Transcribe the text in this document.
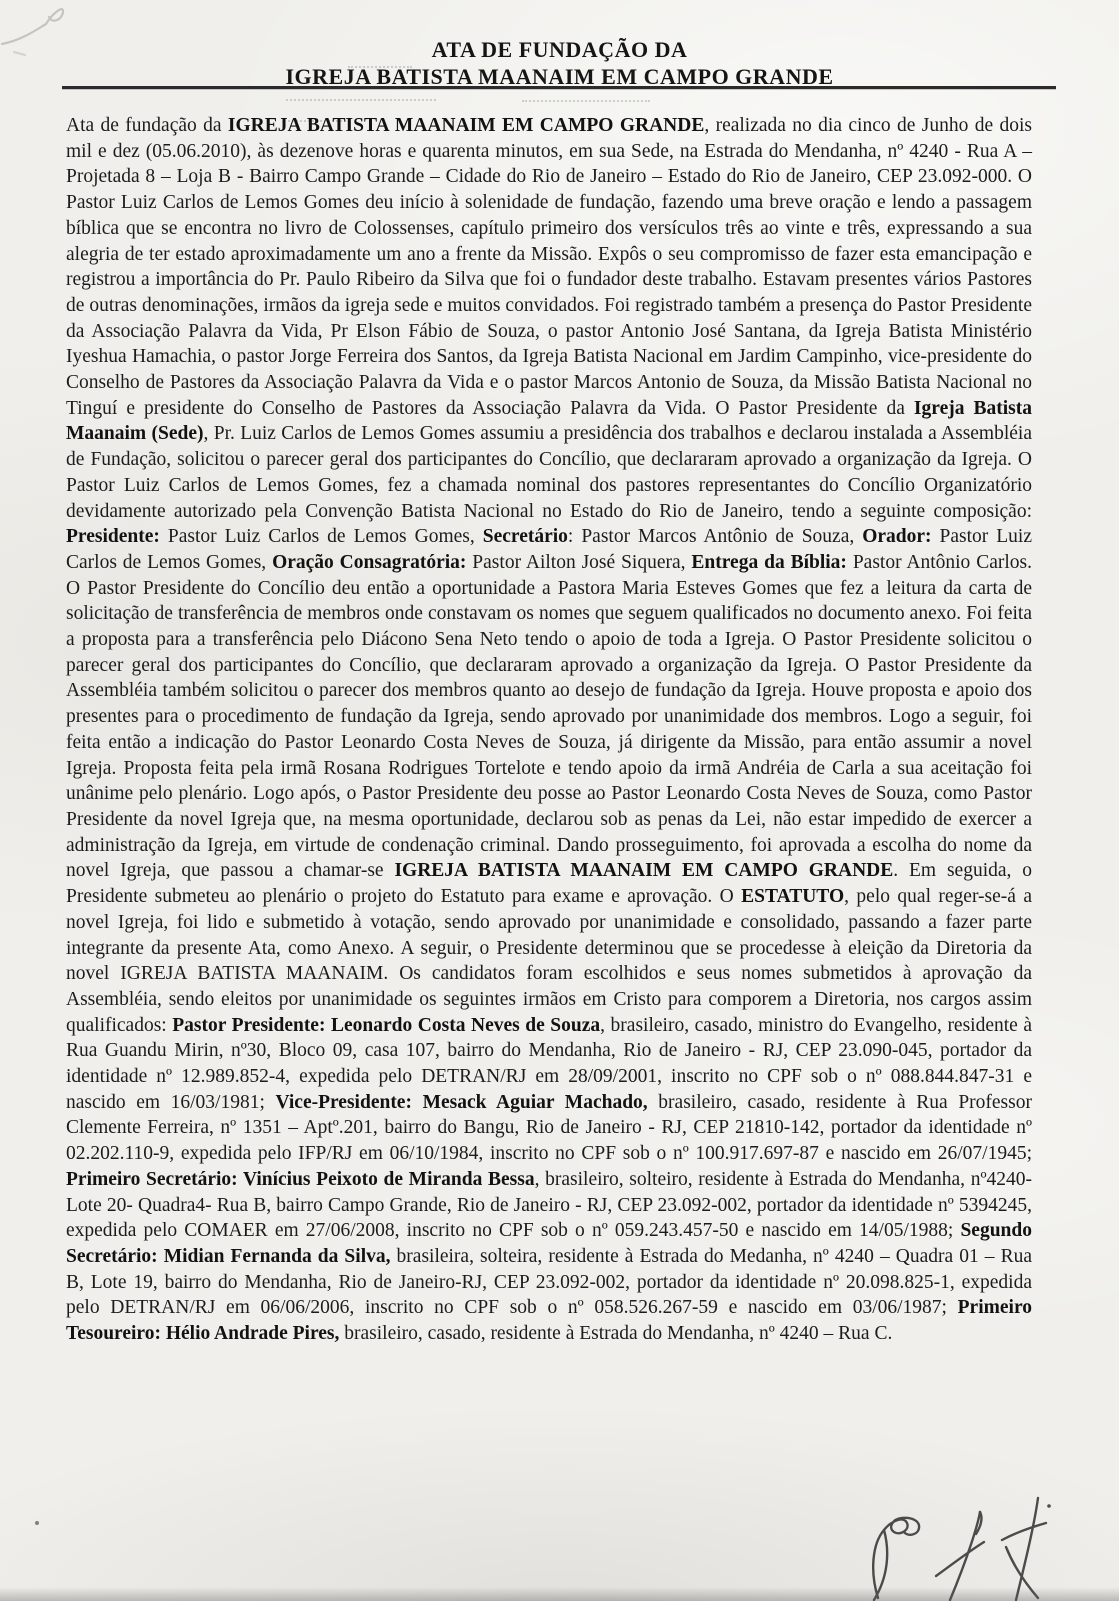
ATA DE FUNDAÇÃO DA
IGREJA BATISTA MAANAIM EM CAMPO GRANDE
Ata de fundação da IGREJA BATISTA MAANAIM EM CAMPO GRANDE, realizada no dia cinco de Junho de dois mil e dez (05.06.2010), às dezenove horas e quarenta minutos, em sua Sede, na Estrada do Mendanha, nº 4240 - Rua A – Projetada 8 – Loja B - Bairro Campo Grande – Cidade do Rio de Janeiro – Estado do Rio de Janeiro, CEP 23.092-000. O Pastor Luiz Carlos de Lemos Gomes deu início à solenidade de fundação, fazendo uma breve oração e lendo a passagem bíblica que se encontra no livro de Colossenses, capítulo primeiro dos versículos três ao vinte e três, expressando a sua alegria de ter estado aproximadamente um ano a frente da Missão. Expôs o seu compromisso de fazer esta emancipação e registrou a importância do Pr. Paulo Ribeiro da Silva que foi o fundador deste trabalho. Estavam presentes vários Pastores de outras denominações, irmãos da igreja sede e muitos convidados. Foi registrado também a presença do Pastor Presidente da Associação Palavra da Vida, Pr Elson Fábio de Souza, o pastor Antonio José Santana, da Igreja Batista Ministério Iyeshua Hamachia, o pastor Jorge Ferreira dos Santos, da Igreja Batista Nacional em Jardim Campinho, vice-presidente do Conselho de Pastores da Associação Palavra da Vida e o pastor Marcos Antonio de Souza, da Missão Batista Nacional no Tinguí e presidente do Conselho de Pastores da Associação Palavra da Vida. O Pastor Presidente da Igreja Batista Maanaim (Sede), Pr. Luiz Carlos de Lemos Gomes assumiu a presidência dos trabalhos e declarou instalada a Assembléia de Fundação, solicitou o parecer geral dos participantes do Concílio, que declararam aprovado a organização da Igreja. O Pastor Luiz Carlos de Lemos Gomes, fez a chamada nominal dos pastores representantes do Concílio Organizatório devidamente autorizado pela Convenção Batista Nacional no Estado do Rio de Janeiro, tendo a seguinte composição: Presidente: Pastor Luiz Carlos de Lemos Gomes, Secretário: Pastor Marcos Antônio de Souza, Orador: Pastor Luiz Carlos de Lemos Gomes, Oração Consagratória: Pastor Ailton José Siquera, Entrega da Bíblia: Pastor Antônio Carlos. O Pastor Presidente do Concílio deu então a oportunidade a Pastora Maria Esteves Gomes que fez a leitura da carta de solicitação de transferência de membros onde constavam os nomes que seguem qualificados no documento anexo. Foi feita a proposta para a transferência pelo Diácono Sena Neto tendo o apoio de toda a Igreja. O Pastor Presidente solicitou o parecer geral dos participantes do Concílio, que declararam aprovado a organização da Igreja. O Pastor Presidente da Assembléia também solicitou o parecer dos membros quanto ao desejo de fundação da Igreja. Houve proposta e apoio dos presentes para o procedimento de fundação da Igreja, sendo aprovado por unanimidade dos membros. Logo a seguir, foi feita então a indicação do Pastor Leonardo Costa Neves de Souza, já dirigente da Missão, para então assumir a novel Igreja. Proposta feita pela irmã Rosana Rodrigues Tortelote e tendo apoio da irmã Andréia de Carla a sua aceitação foi unânime pelo plenário. Logo após, o Pastor Presidente deu posse ao Pastor Leonardo Costa Neves de Souza, como Pastor Presidente da novel Igreja que, na mesma oportunidade, declarou sob as penas da Lei, não estar impedido de exercer a administração da Igreja, em virtude de condenação criminal. Dando prosseguimento, foi aprovada a escolha do nome da novel Igreja, que passou a chamar-se IGREJA BATISTA MAANAIM EM CAMPO GRANDE. Em seguida, o Presidente submeteu ao plenário o projeto do Estatuto para exame e aprovação. O ESTATUTO, pelo qual reger-se-á a novel Igreja, foi lido e submetido à votação, sendo aprovado por unanimidade e consolidado, passando a fazer parte integrante da presente Ata, como Anexo. A seguir, o Presidente determinou que se procedesse à eleição da Diretoria da novel IGREJA BATISTA MAANAIM. Os candidatos foram escolhidos e seus nomes submetidos à aprovação da Assembléia, sendo eleitos por unanimidade os seguintes irmãos em Cristo para comporem a Diretoria, nos cargos assim qualificados: Pastor Presidente: Leonardo Costa Neves de Souza, brasileiro, casado, ministro do Evangelho, residente à Rua Guandu Mirin, nº30, Bloco 09, casa 107, bairro do Mendanha, Rio de Janeiro - RJ, CEP 23.090-045, portador da identidade nº 12.989.852-4, expedida pelo DETRAN/RJ em 28/09/2001, inscrito no CPF sob o nº 088.844.847-31 e nascido em 16/03/1981; Vice-Presidente: Mesack Aguiar Machado, brasileiro, casado, residente à Rua Professor Clemente Ferreira, nº 1351 – Aptº.201, bairro do Bangu, Rio de Janeiro - RJ, CEP 21810-142, portador da identidade nº 02.202.110-9, expedida pelo IFP/RJ em 06/10/1984, inscrito no CPF sob o nº 100.917.697-87 e nascido em 26/07/1945; Primeiro Secretário: Vinícius Peixoto de Miranda Bessa, brasileiro, solteiro, residente à Estrada do Mendanha, nº4240- Lote 20- Quadra4- Rua B, bairro Campo Grande, Rio de Janeiro - RJ, CEP 23.092-002, portador da identidade nº 5394245, expedida pelo COMAER em 27/06/2008, inscrito no CPF sob o nº 059.243.457-50 e nascido em 14/05/1988; Segundo Secretário: Midian Fernanda da Silva, brasileira, solteira, residente à Estrada do Medanha, nº 4240 – Quadra 01 – Rua B, Lote 19, bairro do Mendanha, Rio de Janeiro-RJ, CEP 23.092-002, portador da identidade nº 20.098.825-1, expedida pelo DETRAN/RJ em 06/06/2006, inscrito no CPF sob o nº 058.526.267-59 e nascido em 03/06/1987; Primeiro Tesoureiro: Hélio Andrade Pires, brasileiro, casado, residente à Estrada do Mendanha, nº 4240 – Rua C.
